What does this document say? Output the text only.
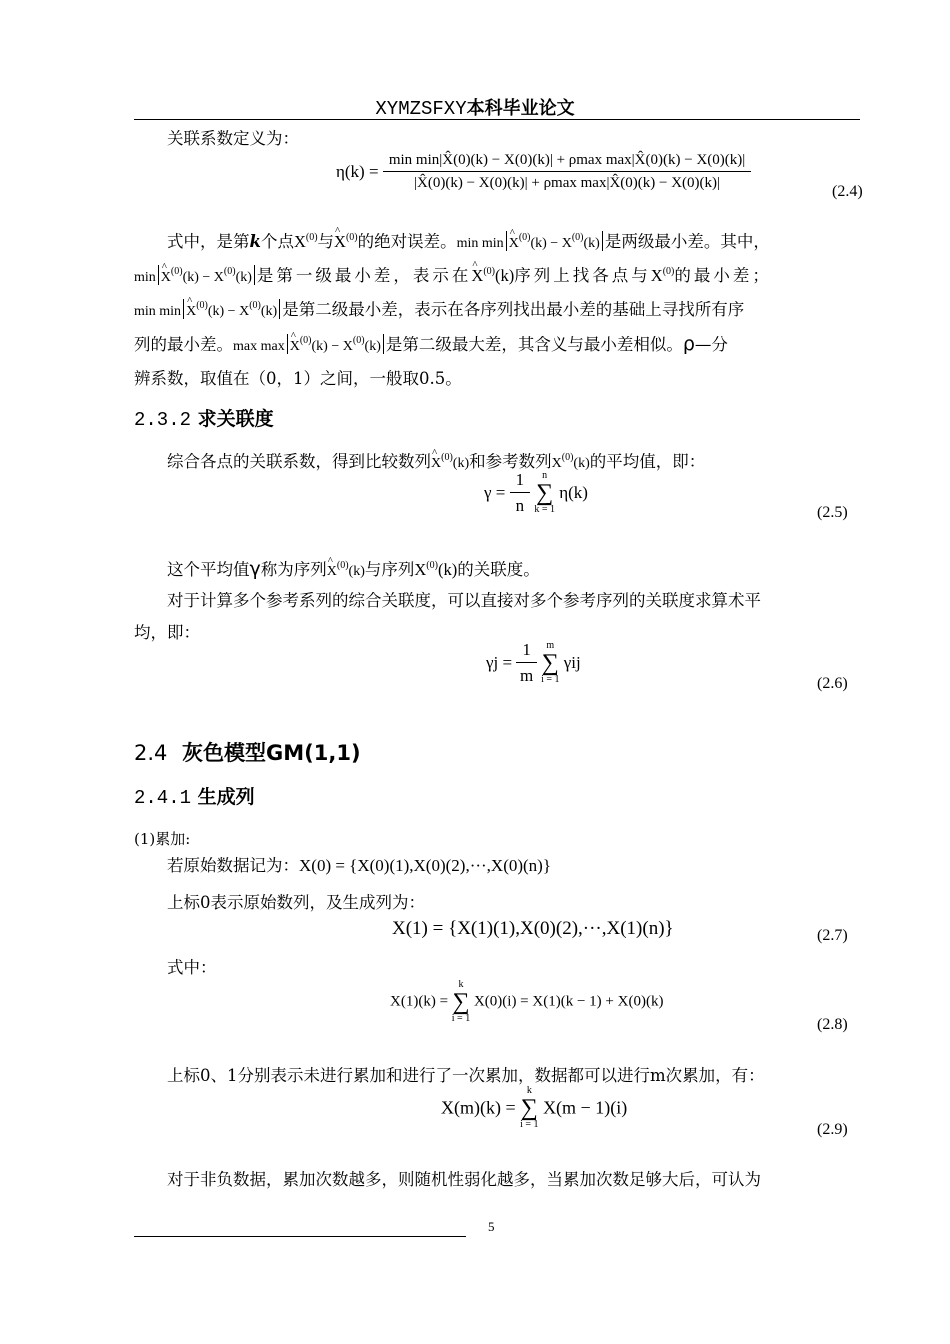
XYMZSFXY本科毕业论文
关联系数定义为：
$\eta(k) = \frac{\text{min min|X̂(0)(k) − X(0)(k)| + ρmax max|X̂(0)(k) − X(0)(k)|}}{\text{|X̂(0)(k) − X(0)(k)| + ρmax max|X̂(0)(k) − X(0)(k)|}}$	(2.4)
式中，是第k个点$X^{(0)}$与^ $X^{(0)}$的绝对误差。min min ^ $X^{(0)}(k) - X^{(0)}(k)$ 是两级最小差。其中，
min ^ $X^{(0)}(k) - X^{(0)}(k)$ 是第一级最小差，表示在^ $X^{(0)}(k)$序列上找各点与$X^{(0)}$的最小差；
min min ^ $X^{(0)}(k) - X^{(0)}(k)$ 是第二级最小差，表示在各序列找出最小差的基础上寻找所有序
列的最小差。max max ^ $X^{(0)}(k) - X^{(0)}(k)$ 是第二级最大差，其含义与最小差相似。ρ—分
辨系数，取值在（0，1）之间，一般取0.5。
2.3.2 求关联度
综合各点的关联系数，得到比较数列^ $X^{(0)}(k)$和参考数列$X^{(0)}(k)$的平均值，即：
$\gamma = \frac{1}{n}$
	n
∑
k = 1
η(k)
(2.5)
这个平均值γ称为序列^ $X^{(0)}(k)$与序列$X^{(0)}(k)$的关联度。
对于计算多个参考系列的综合关联度，可以直接对多个参考序列的关联度求算术平
均，即：
$\gamma j = \frac{1}{m}$
m
∑
i = 1
γij
(2.6)
2.4 灰色模型GM(1,1)
2.4.1 生成列
(1)累加:
若原始数据记为：X(0) = {X(0)(1),X(0)(2),···,X(0)(n)}
上标0表示原始数列，及生成列为：
X(1) = {X(1)(1),X(0)(2),···,X(1)(n)}	(2.7)
式中：
X(1)(k) =
k
∑
i = 1
X(0)(i) = X(1)(k − 1) + X(0)(k)
(2.8)
上标0、1分别表示未进行累加和进行了一次累加，数据都可以进行m次累加，有：
X(m)(k) =
k
∑
i = 1
X(m − 1)(i)
(2.9)
对于非负数据，累加次数越多，则随机性弱化越多，当累加次数足够大后，可认为
5
